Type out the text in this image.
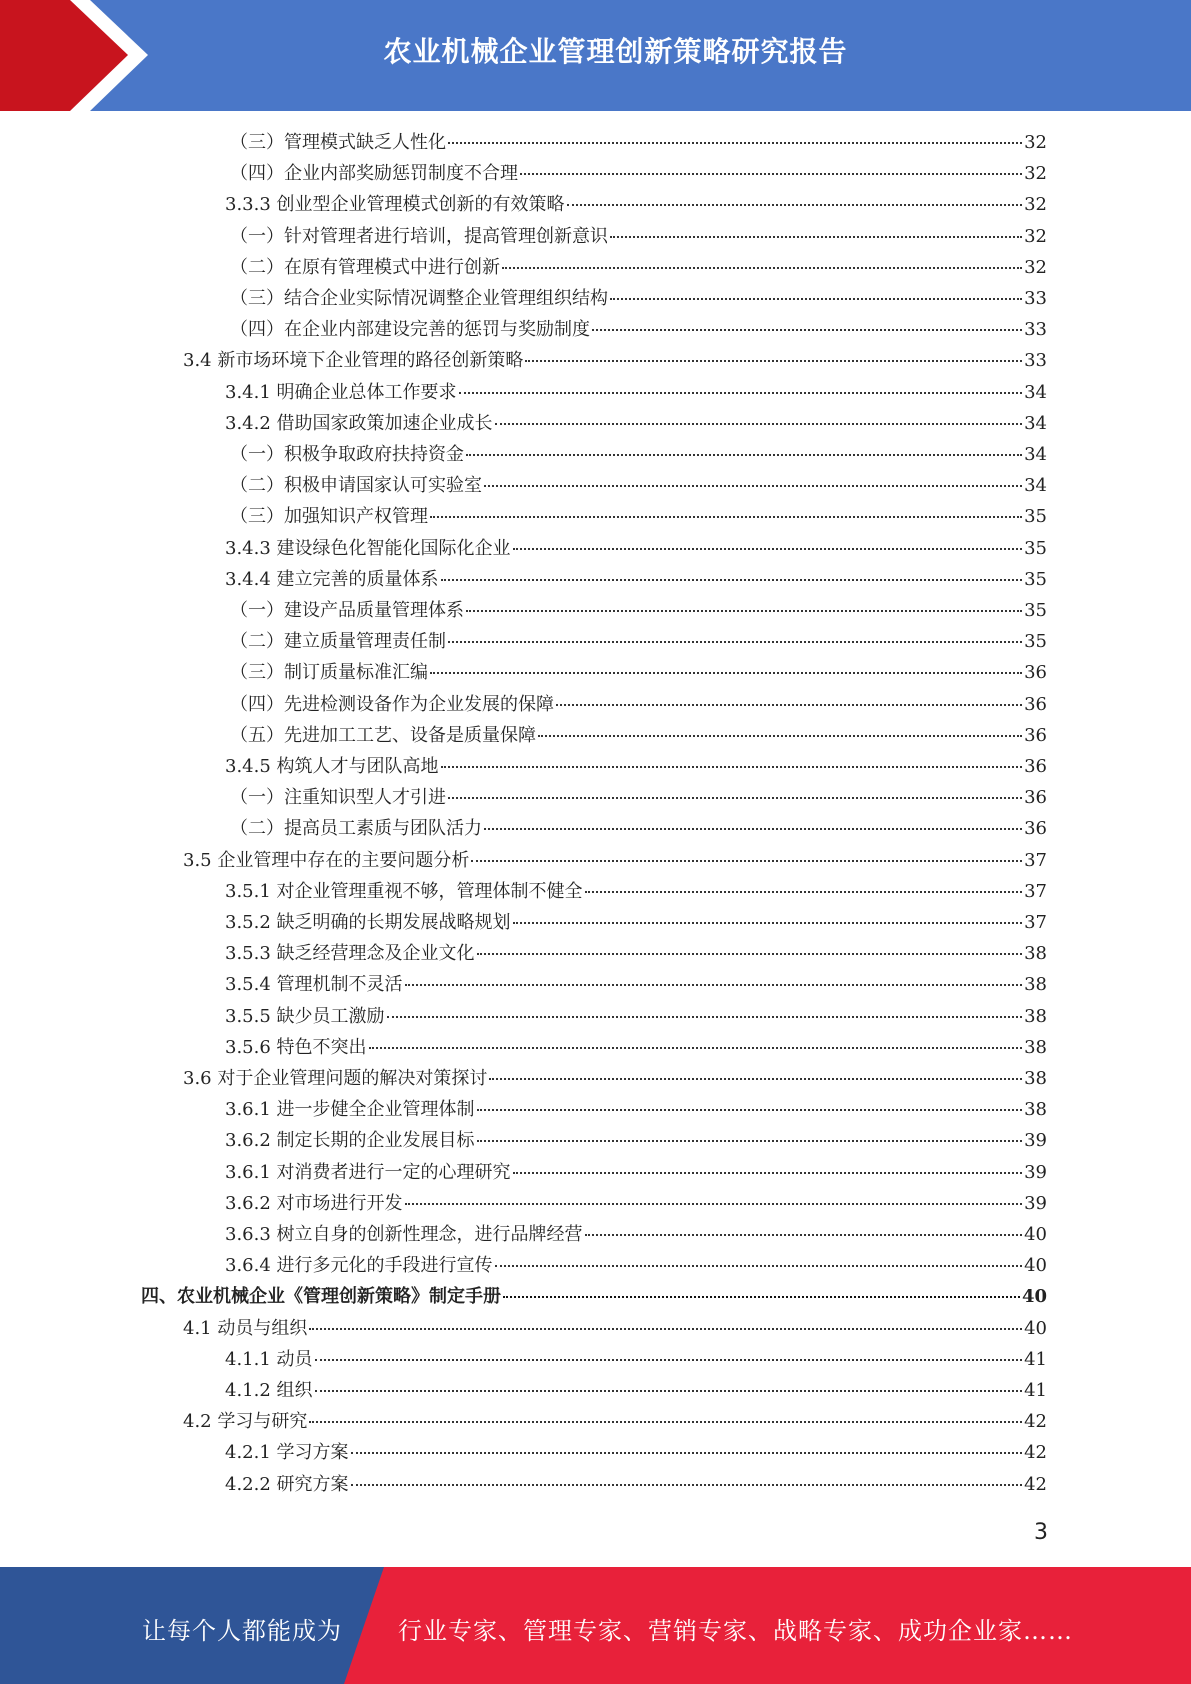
农业机械企业管理创新策略研究报告
（三）管理模式缺乏人性化	32
（四）企业内部奖励惩罚制度不合理	32
3.3.3 创业型企业管理模式创新的有效策略	32
（一）针对管理者进行培训，提高管理创新意识	32
（二）在原有管理模式中进行创新	32
（三）结合企业实际情况调整企业管理组织结构	33
（四）在企业内部建设完善的惩罚与奖励制度	33
3.4 新市场环境下企业管理的路径创新策略	33
3.4.1 明确企业总体工作要求	34
3.4.2 借助国家政策加速企业成长	34
（一）积极争取政府扶持资金	34
（二）积极申请国家认可实验室	34
（三）加强知识产权管理	35
3.4.3 建设绿色化智能化国际化企业	35
3.4.4 建立完善的质量体系	35
（一）建设产品质量管理体系	35
（二）建立质量管理责任制	35
（三）制订质量标准汇编	36
（四）先进检测设备作为企业发展的保障	36
（五）先进加工工艺、设备是质量保障	36
3.4.5 构筑人才与团队高地	36
（一）注重知识型人才引进	36
（二）提高员工素质与团队活力	36
3.5 企业管理中存在的主要问题分析	37
3.5.1 对企业管理重视不够，管理体制不健全	37
3.5.2 缺乏明确的长期发展战略规划	37
3.5.3 缺乏经营理念及企业文化	38
3.5.4 管理机制不灵活	38
3.5.5 缺少员工激励	38
3.5.6 特色不突出	38
3.6 对于企业管理问题的解决对策探讨	38
3.6.1 进一步健全企业管理体制	38
3.6.2 制定长期的企业发展目标	39
3.6.1 对消费者进行一定的心理研究	39
3.6.2 对市场进行开发	39
3.6.3 树立自身的创新性理念，进行品牌经营	40
3.6.4 进行多元化的手段进行宣传	40
四、农业机械企业《管理创新策略》制定手册	40
4.1 动员与组织	40
4.1.1 动员	41
4.1.2 组织	41
4.2 学习与研究	42
4.2.1 学习方案	42
4.2.2 研究方案	42
3
让每个人都能成为 行业专家、管理专家、营销专家、战略专家、成功企业家……
